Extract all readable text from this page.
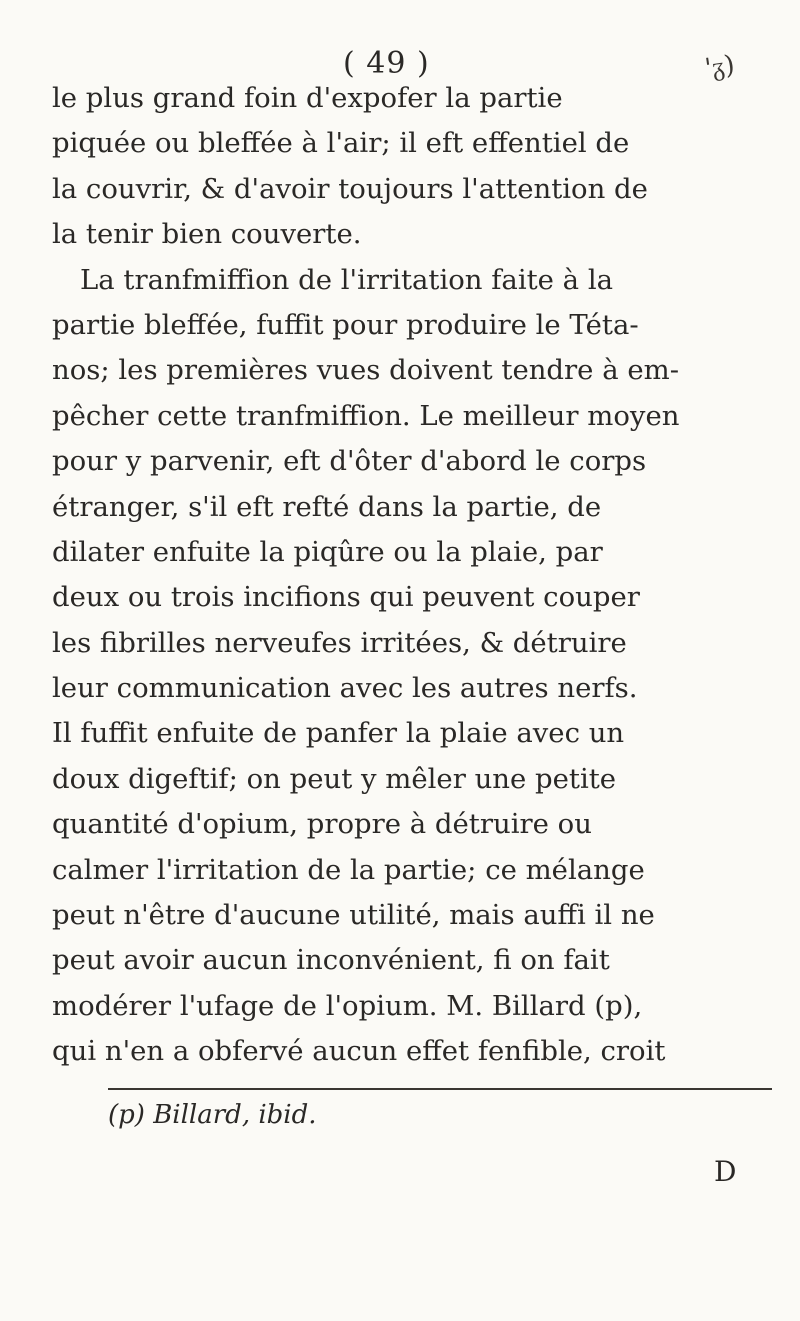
( 49 )	'ᵹ)
le plus grand foin d'expofer la partie
piquée ou bleffée à l'air; il eft effentiel de
la couvrir, & d'avoir toujours l'attention de
la tenir bien couverte.
La tranfmiffion de l'irritation faite à la
partie bleffée, fuffit pour produire le Téta-
nos; les premières vues doivent tendre à em-
pêcher cette tranfmiffion. Le meilleur moyen
pour y parvenir, eft d'ôter d'abord le corps
étranger, s'il eft refté dans la partie, de
dilater enfuite la piqûre ou la plaie, par
deux ou trois incifions qui peuvent couper
les fibrilles nerveufes irritées, & détruire
leur communication avec les autres nerfs.
Il fuffit enfuite de panfer la plaie avec un
doux digeftif; on peut y mêler une petite
quantité d'opium, propre à détruire ou
calmer l'irritation de la partie; ce mélange
peut n'être d'aucune utilité, mais auffi il ne
peut avoir aucun inconvénient, fi on fait
modérer l'ufage de l'opium. M. Billard (p),
qui n'en a obfervé aucun effet fenfible, croit
(p) Billard, ibid.
D
